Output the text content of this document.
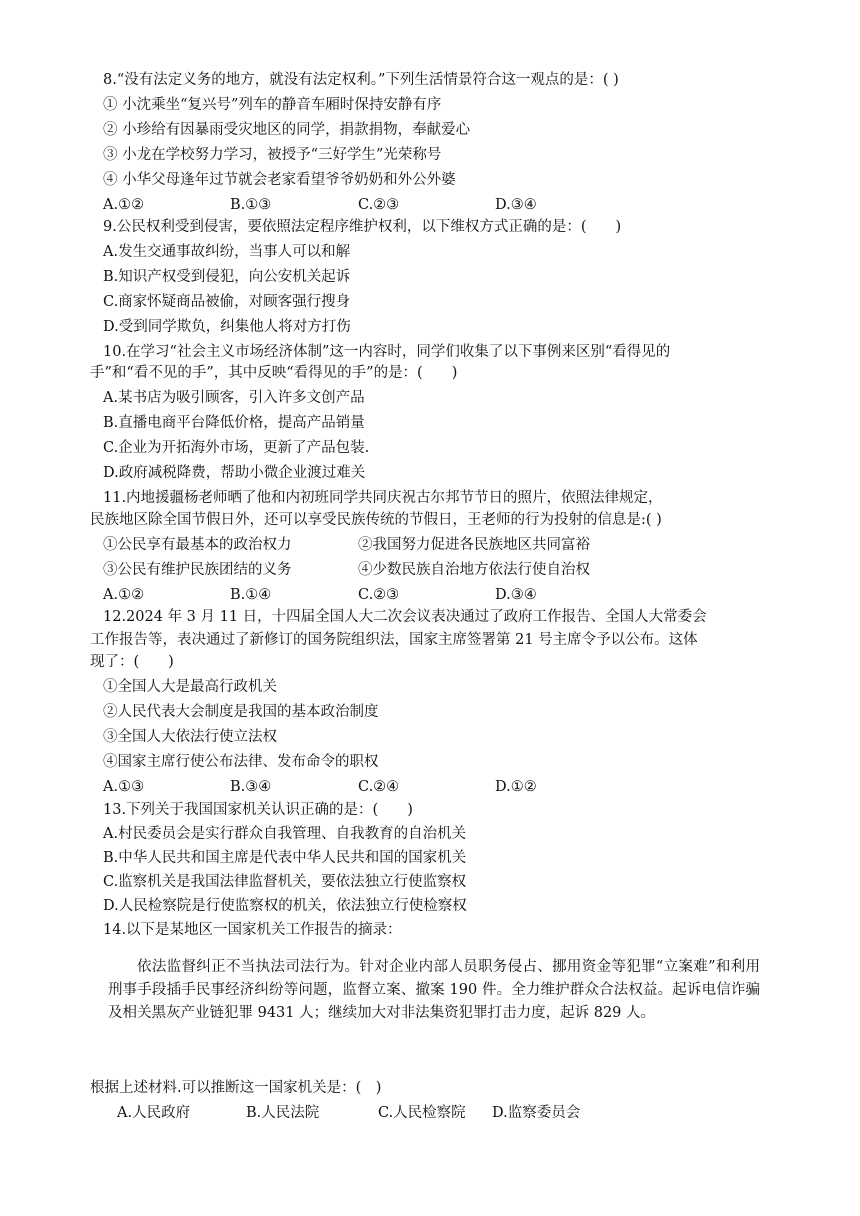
8.“没有法定义务的地方，就没有法定权利。”下列生活情景符合这一观点的是：( )
① 小沈乘坐“复兴号”列车的静音车厢时保持安静有序
② 小珍给有因暴雨受灾地区的同学，捐款捐物，奉献爱心
③ 小龙在学校努力学习，被授予“三好学生”光荣称号
④ 小华父母逢年过节就会老家看望爷爷奶奶和外公外婆
A.①②	B.①③	C.②③	D.③④
9.公民权利受到侵害，要依照法定程序维护权利，以下维权方式正确的是：(　　)
A.发生交通事故纠纷，当事人可以和解
B.知识产权受到侵犯，向公安机关起诉
C.商家怀疑商品被偷，对顾客强行搜身
D.受到同学欺负，纠集他人将对方打伤
10.在学习“社会主义市场经济体制”这一内容时，同学们收集了以下事例来区别“看得见的
手”和“看不见的手”，其中反映“看得见的手”的是：(　　)
A.某书店为吸引顾客，引入许多文创产品
B.直播电商平台降低价格，提高产品销量
C.企业为开拓海外市场，更新了产品包装.
D.政府减税降费，帮助小微企业渡过难关
11.内地援疆杨老师晒了他和内初班同学共同庆祝古尔邦节节日的照片，依照法律规定，
民族地区除全国节假日外，还可以享受民族传统的节假日，王老师的行为投射的信息是:( )
①公民享有最基本的政治权力	②我国努力促进各民族地区共同富裕
③公民有维护民族团结的义务	④少数民族自治地方依法行使自治权
A.①②	B.①④	C.②③	D.③④
12.2024 年 3 月 11 日，十四届全国人大二次会议表决通过了政府工作报告、全国人大常委会
工作报告等，表决通过了新修订的国务院组织法，国家主席签署第 21 号主席令予以公布。这体
现了：(　　)
①全国人大是最高行政机关
②人民代表大会制度是我国的基本政治制度
③全国人大依法行使立法权
④国家主席行使公布法律、发布命令的职权
A.①③	B.③④	C.②④	D.①②
13.下列关于我国国家机关认识正确的是：(　　)
A.村民委员会是实行群众自我管理、自我教育的自治机关
B.中华人民共和国主席是代表中华人民共和国的国家机关
C.监察机关是我国法律监督机关，要依法独立行使监察权
D.人民检察院是行使监察权的机关，依法独立行使检察权
14.以下是某地区一国家机关工作报告的摘录：
依法监督纠正不当执法司法行为。针对企业内部人员职务侵占、挪用资金等犯罪“立案难”和利用刑事手段插手民事经济纠纷等问题，监督立案、撤案 190 件。全力维护群众合法权益。起诉电信诈骗及相关黑灰产业链犯罪 9431 人；继续加大对非法集资犯罪打击力度，起诉 829 人。
根据上述材料.可以推断这一国家机关是：(　)
A.人民政府	B.人民法院	C.人民检察院 D.监察委员会
